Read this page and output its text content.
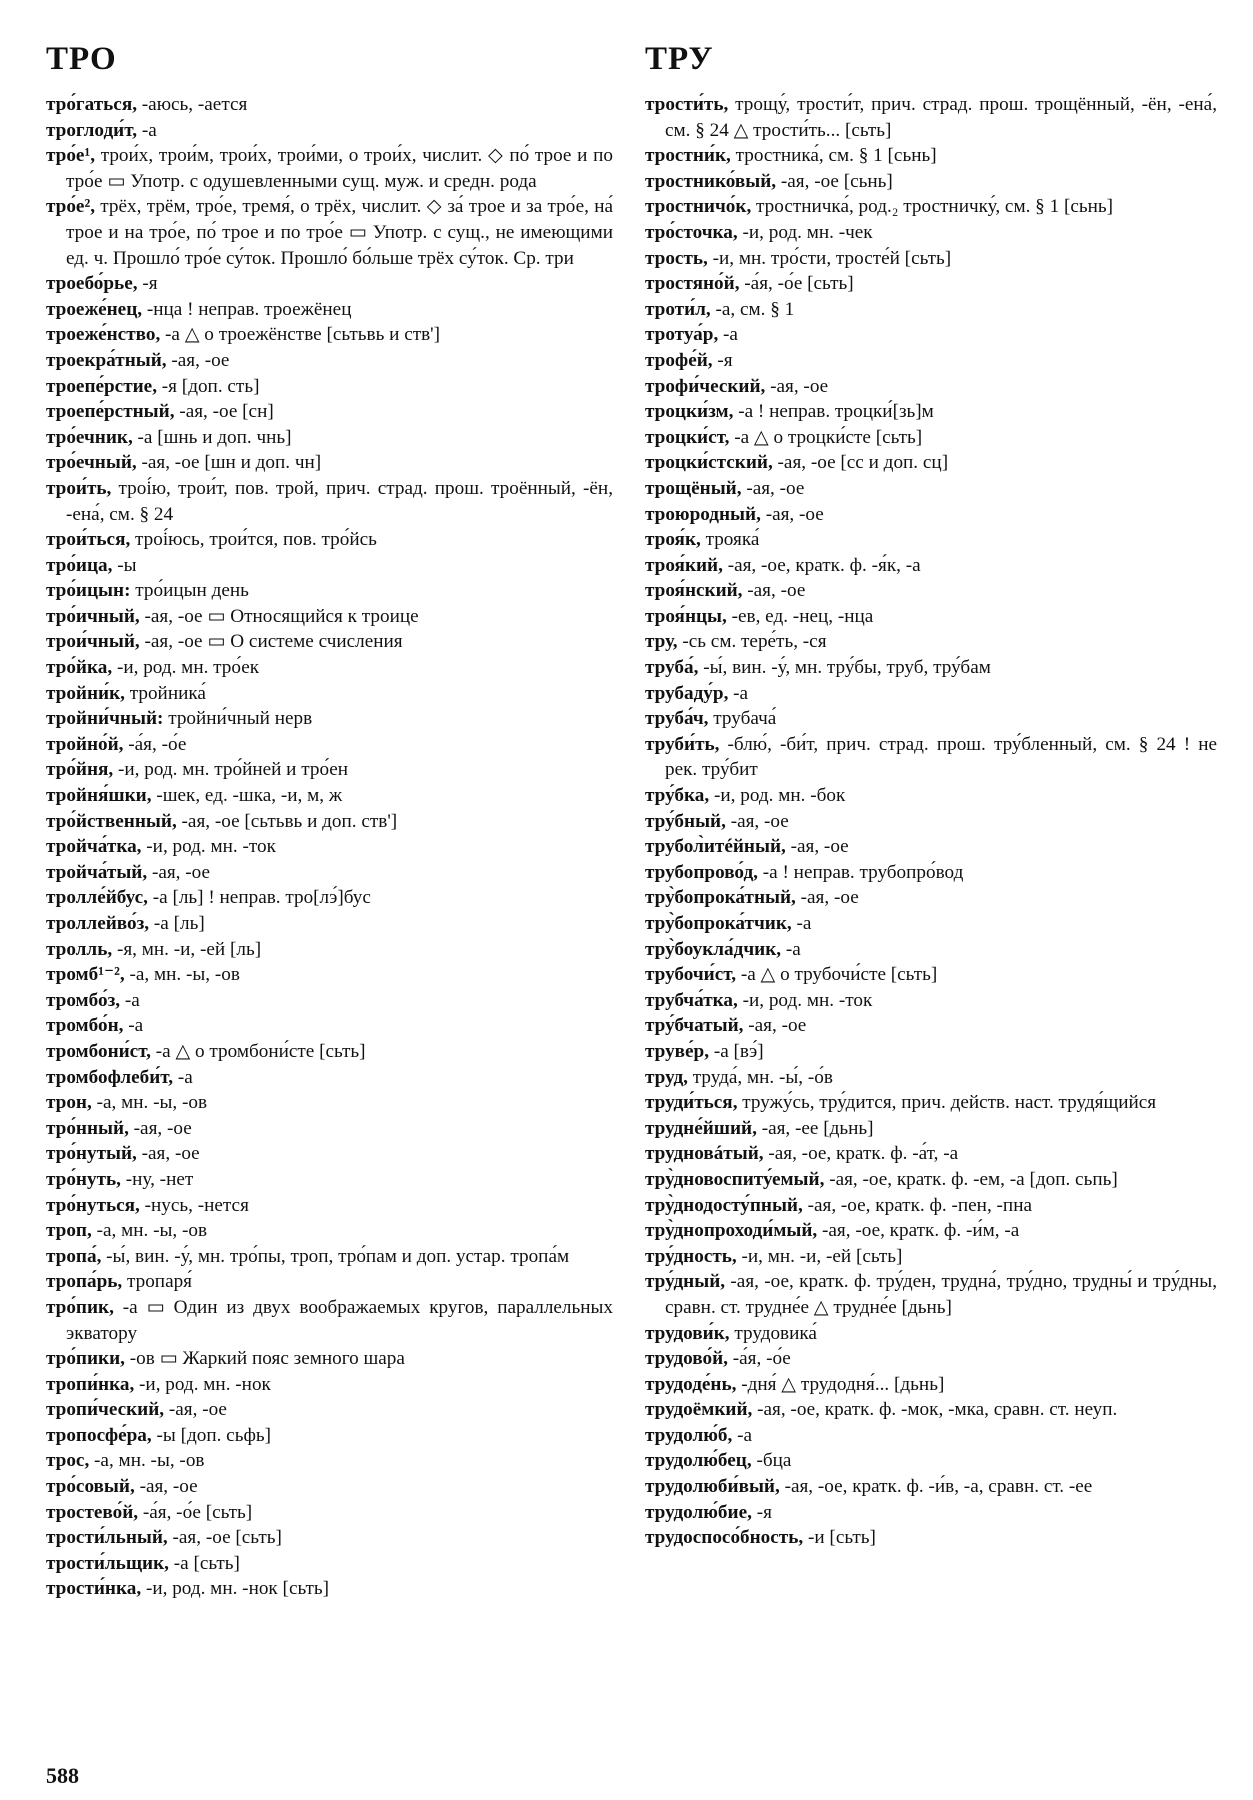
ТРО

тро́гаться, -аюсь, -ается

троглоди́т, -а

тро́е¹, трои́х, трои́м, трои́х, трои́ми, о трои́х, числит. ◇ по́ трое и по тро́е ▭ Употр. с одушевленными сущ. муж. и средн. рода

тро́е², трёх, трём, тро́е, тремя́, о трёх, числит. ◇ за́ трое и за тро́е, на́ трое и на тро́е, по́ трое и по тро́е ▭ Употр. с сущ., не имеющими ед. ч. Прошло́ тро́е су́ток. Прошло́ бо́льше трёх су́ток. Ср. три

троебо́рье, -я

троеже́нец, -нца ! неправ. троежёнец

троеже́нство, -а △ о троежёнстве [сьтьвь и ств']

троекра́тный, -ая, -ое

троепе́рстие, -я [доп. сть]

троепе́рстный, -ая, -ое [сн]

тро́ечник, -а [шнь и доп. чнь]

тро́ечный, -ая, -ое [шн и доп. чн]

трои́ть, троі́ю, трои́т, пов. трой, прич. страд. прош. троённый, -ён, -ена́, см. § 24

трои́ться, троі́юсь, трои́тся, пов. тро́йсь

тро́ица, -ы

тро́ицын: тро́ицын день

тро́ичный, -ая, -ое ▭ Относящийся к троице

трои́чный, -ая, -ое ▭ О системе счисления

тро́йка, -и, род. мн. тро́ек

тройни́к, тройника́

тройни́чный: тройни́чный нерв

тройно́й, -а́я, -о́е

тро́йня, -и, род. мн. тро́йней и тро́ен

тройня́шки, -шек, ед. -шка, -и, м, ж

тро́йственный, -ая, -ое [сьтьвь и доп. ств']

тройча́тка, -и, род. мн. -ток

тройча́тый, -ая, -ое

тролле́йбус, -а [ль] ! неправ. тро[лэ́]бус

троллейво́з, -а [ль]

тролль, -я, мн. -и, -ей [ль]

тромб¹⁻², -а, мн. -ы, -ов

тромбо́з, -а

тромбо́н, -а

тромбони́ст, -а △ о тромбони́сте [сьть]

тромбофлеби́т, -а

трон, -а, мн. -ы, -ов

тро́нный, -ая, -ое

тро́нутый, -ая, -ое

тро́нуть, -ну, -нет

тро́нуться, -нусь, -нется

троп, -а, мн. -ы, -ов

тропа́, -ы́, вин. -у́, мн. тро́пы, троп, тро́пам и доп. устар. тропа́м

тропа́рь, тропаря́

тро́пик, -а ▭ Один из двух воображаемых кругов, параллельных экватору

тро́пики, -ов ▭ Жаркий пояс земного шара

тропи́нка, -и, род. мн. -нок

тропи́ческий, -ая, -ое

тропосфе́ра, -ы [доп. сьфь]

трос, -а, мн. -ы, -ов

тро́совый, -ая, -ое

тростево́й, -а́я, -о́е [сьть]

трости́льный, -ая, -ое [сьть]

трости́льщик, -а [сьть]

трости́нка, -и, род. мн. -нок [сьть]

ТРУ

трости́ть, трощу́, трости́т, прич. страд. прош. трощённый, -ён, -ена́, см. § 24 △ трости́ть... [сьть]

тростни́к, тростника́, см. § 1 [сьнь]

тростнико́вый, -ая, -ое [сьнь]

тростничо́к, тростничка́, род.₂ тростничку́, см. § 1 [сьнь]

тро́сточка, -и, род. мн. -чек

трость, -и, мн. тро́сти, тросте́й [сьть]

тростяно́й, -а́я, -о́е [сьть]

троти́л, -а, см. § 1

тротуа́р, -а

трофе́й, -я

трофи́ческий, -ая, -ое

троцки́зм, -а ! неправ. троцки́[зь]м

троцки́ст, -а △ о троцки́сте [сьть]

троцки́стский, -ая, -ое [сс и доп. сц]

трощёный, -ая, -ое

троюродный, -ая, -ое

троя́к, трояка́

троя́кий, -ая, -ое, кратк. ф. -я́к, -а

троя́нский, -ая, -ое

троя́нцы, -ев, ед. -нец, -нца

тру, -сь см. тере́ть, -ся

труба́, -ы́, вин. -у́, мн. тру́бы, труб, тру́бам

трубаду́р, -а

труба́ч, трубача́

труби́ть, -блю́, -би́т, прич. страд. прош. тру́бленный, см. § 24 ! не рек. тру́бит

тру́бка, -и, род. мн. -бок

тру́бный, -ая, -ое

трубол̀итéйный, -ая, -ое

трубопрово́д, -а ! неправ. трубопро́вод

тру̀бопрока́тный, -ая, -ое

тру̀бопрока́тчик, -а

тру̀боукла́дчик, -а

трубочи́ст, -а △ о трубочи́сте [сьть]

трубча́тка, -и, род. мн. -ток

тру́бчатый, -ая, -ое

труве́р, -а [вэ́]

труд, труда́, мн. -ы́, -о́в

труди́ться, тружу́сь, тру́дится, прич. действ. наст. трудя́щийся

трудне́йший, -ая, -ее [дьнь]

трудновáтый, -ая, -ое, кратк. ф. -а́т, -а

тру̀дновоспиту́емый, -ая, -ое, кратк. ф. -ем, -а [доп. сьпь]

тру̀днодосту́пный, -ая, -ое, кратк. ф. -пен, -пна

тру̀днопроходи́мый, -ая, -ое, кратк. ф. -и́м, -а

тру́дность, -и, мн. -и, -ей [сьть]

тру́дный, -ая, -ое, кратк. ф. тру́ден, трудна́, тру́дно, трудны́ и тру́дны, сравн. ст. трудне́е △ трудне́е [дьнь]

трудови́к, трудовика́

трудово́й, -а́я, -о́е

трудоде́нь, -дня́ △ трудодня́... [дьнь]

трудоёмкий, -ая, -ое, кратк. ф. -мок, -мка, сравн. ст. неуп.

трудолю́б, -а

трудолю́бец, -бца

трудолюби́вый, -ая, -ое, кратк. ф. -и́в, -а, сравн. ст. -ее

трудолю́бие, -я

трудоспосо́бность, -и [сьть]

588
